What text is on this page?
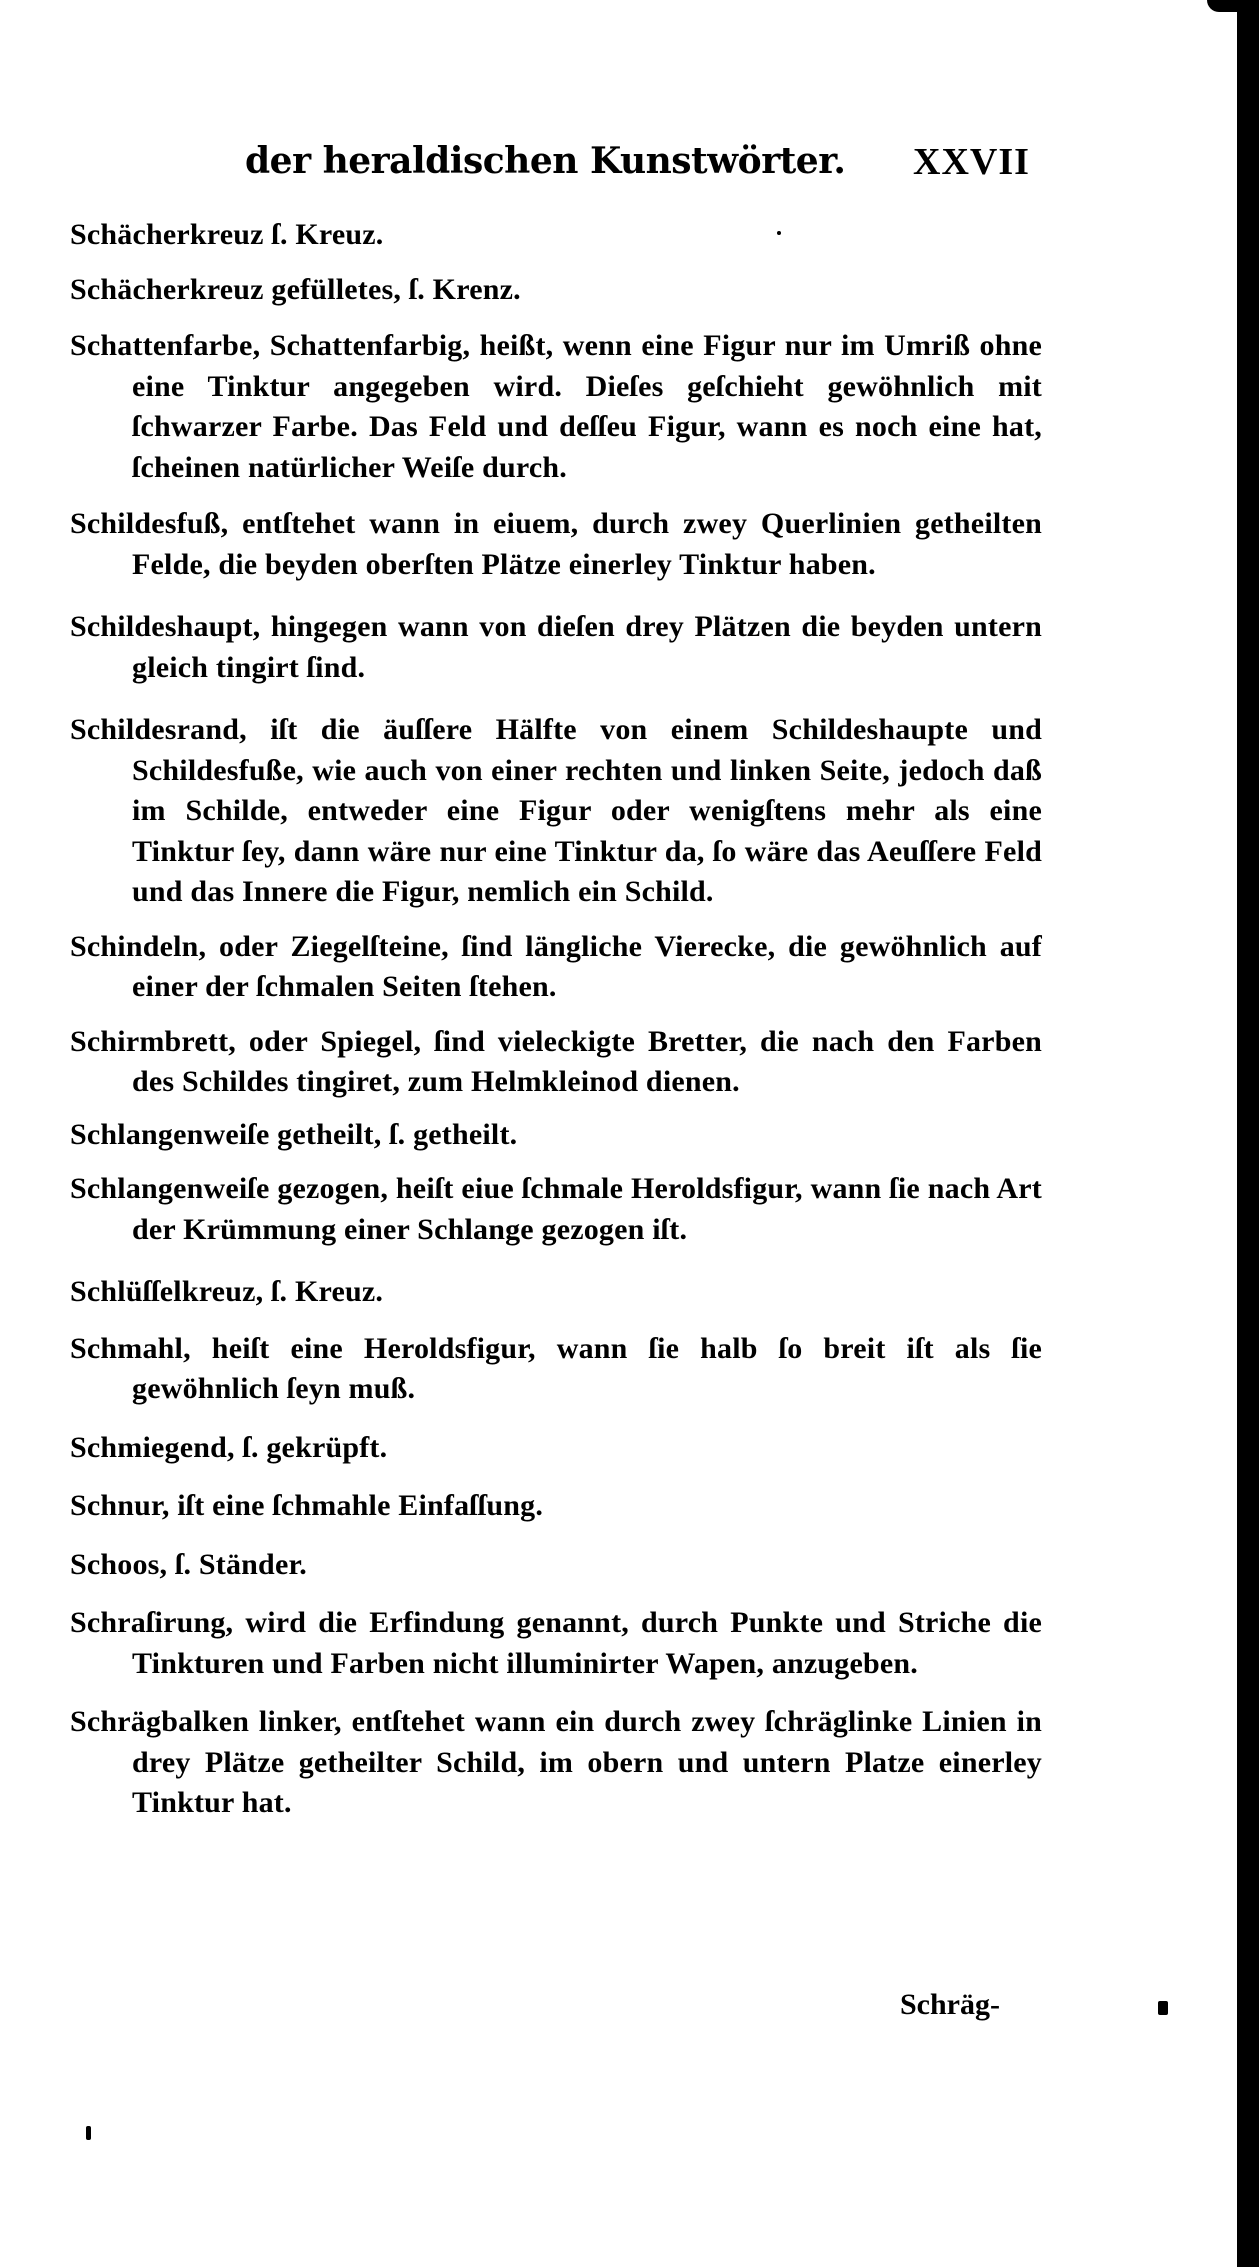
der heraldischen Kunstwörter. XXVII

Schächerkreuz ſ. Kreuz.

Schächerkreuz gefülletes, ſ. Krenz.

Schattenfarbe, Schattenfarbig, heißt, wenn eine Figur nur im Umriß ohne eine Tinktur angegeben wird. Dieſes geſchieht gewöhnlich mit ſchwarzer Farbe. Das Feld und deſſeu Figur, wann es noch eine hat, ſcheinen natürlicher Weiſe durch.

Schildesfuß, entſtehet wann in eiuem, durch zwey Querlinien getheilten Felde, die beyden oberſten Plätze einerley Tinktur haben.

Schildeshaupt, hingegen wann von dieſen drey Plätzen die beyden untern gleich tingirt ſind.

Schildesrand, iſt die äuſſere Hälfte von einem Schildeshaupte und Schildesfuße, wie auch von einer rechten und linken Seite, jedoch daß im Schilde, entweder eine Figur oder wenigſtens mehr als eine Tinktur ſey, dann wäre nur eine Tinktur da, ſo wäre das Aeuſſere Feld und das Innere die Figur, nemlich ein Schild.

Schindeln, oder Ziegelſteine, ſind längliche Vierecke, die gewöhnlich auf einer der ſchmalen Seiten ſtehen.

Schirmbrett, oder Spiegel, ſind vieleckigte Bretter, die nach den Farben des Schildes tingiret, zum Helmkleinod dienen.

Schlangenweiſe getheilt, ſ. getheilt.

Schlangenweiſe gezogen, heiſt eiue ſchmale Heroldsfigur, wann ſie nach Art der Krümmung einer Schlange gezogen iſt.

Schlüſſelkreuz, ſ. Kreuz.

Schmahl, heiſt eine Heroldsfigur, wann ſie halb ſo breit iſt als ſie gewöhnlich ſeyn muß.

Schmiegend, ſ. gekrüpft.

Schnur, iſt eine ſchmahle Einfaſſung.

Schoos, ſ. Ständer.

Schraſirung, wird die Erfindung genannt, durch Punkte und Striche die Tinkturen und Farben nicht illuminirter Wapen, anzugeben.

Schrägbalken linker, entſtehet wann ein durch zwey ſchräglinke Linien in drey Plätze getheilter Schild, im obern und untern Platze einerley Tinktur hat.

Schräg-
